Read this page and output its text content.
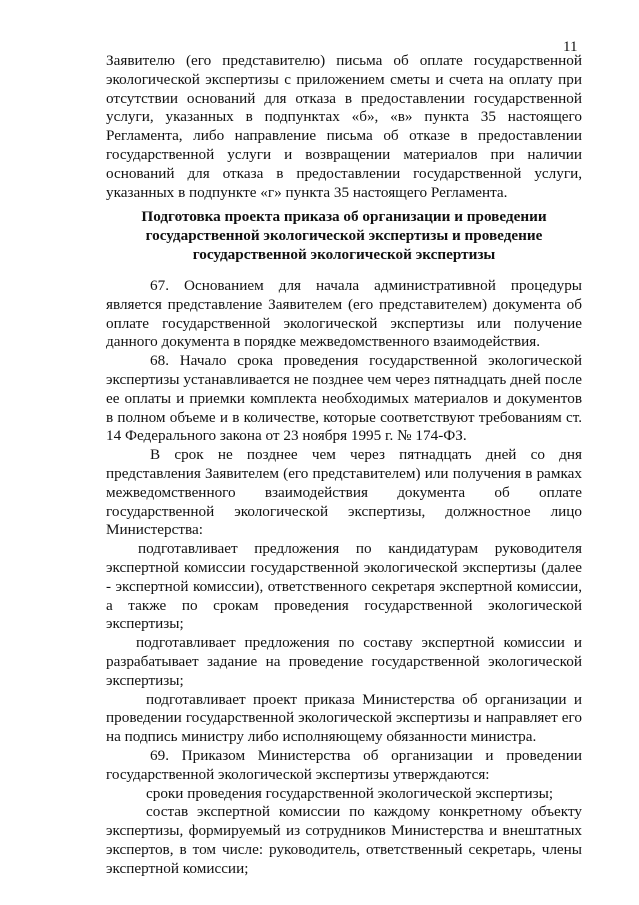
11

Заявителю (его представителю) письма об оплате государственной экологической экспертизы с приложением сметы и счета на оплату при отсутствии оснований для отказа в предоставлении государственной услуги, указанных в подпунктах «б», «в» пункта 35 настоящего Регламента, либо направление письма об отказе в предоставлении государственной услуги и возвращении материалов при наличии оснований для отказа в предоставлении государственной услуги, указанных в подпункте «г» пункта 35 настоящего Регламента.

Подготовка проекта приказа об организации и проведении государственной экологической экспертизы и проведение государственной экологической экспертизы

67. Основанием для начала административной процедуры является представление Заявителем (его представителем) документа об оплате государственной экологической экспертизы или получение данного документа в порядке межведомственного взаимодействия.

68. Начало срока проведения государственной экологической экспертизы устанавливается не позднее чем через пятнадцать дней после ее оплаты и приемки комплекта необходимых материалов и документов в полном объеме и в количестве, которые соответствуют требованиям ст. 14 Федерального закона от 23 ноября 1995 г. № 174-ФЗ.

В срок не позднее чем через пятнадцать дней со дня представления Заявителем (его представителем) или получения в рамках межведомственного взаимодействия документа об оплате государственной экологической экспертизы, должностное лицо Министерства:

подготавливает предложения по кандидатурам руководителя экспертной комиссии государственной экологической экспертизы (далее - экспертной комиссии), ответственного секретаря экспертной комиссии, а также по срокам проведения государственной экологической экспертизы;

подготавливает предложения по составу экспертной комиссии и разрабатывает задание на проведение государственной экологической экспертизы;

подготавливает проект приказа Министерства об организации и проведении государственной экологической экспертизы и направляет его на подпись министру либо исполняющему обязанности министра.

69. Приказом Министерства об организации и проведении государственной экологической экспертизы утверждаются:

сроки проведения государственной экологической экспертизы;

состав экспертной комиссии по каждому конкретному объекту экспертизы, формируемый из сотрудников Министерства и внештатных экспертов, в том числе: руководитель, ответственный секретарь, члены экспертной комиссии;
